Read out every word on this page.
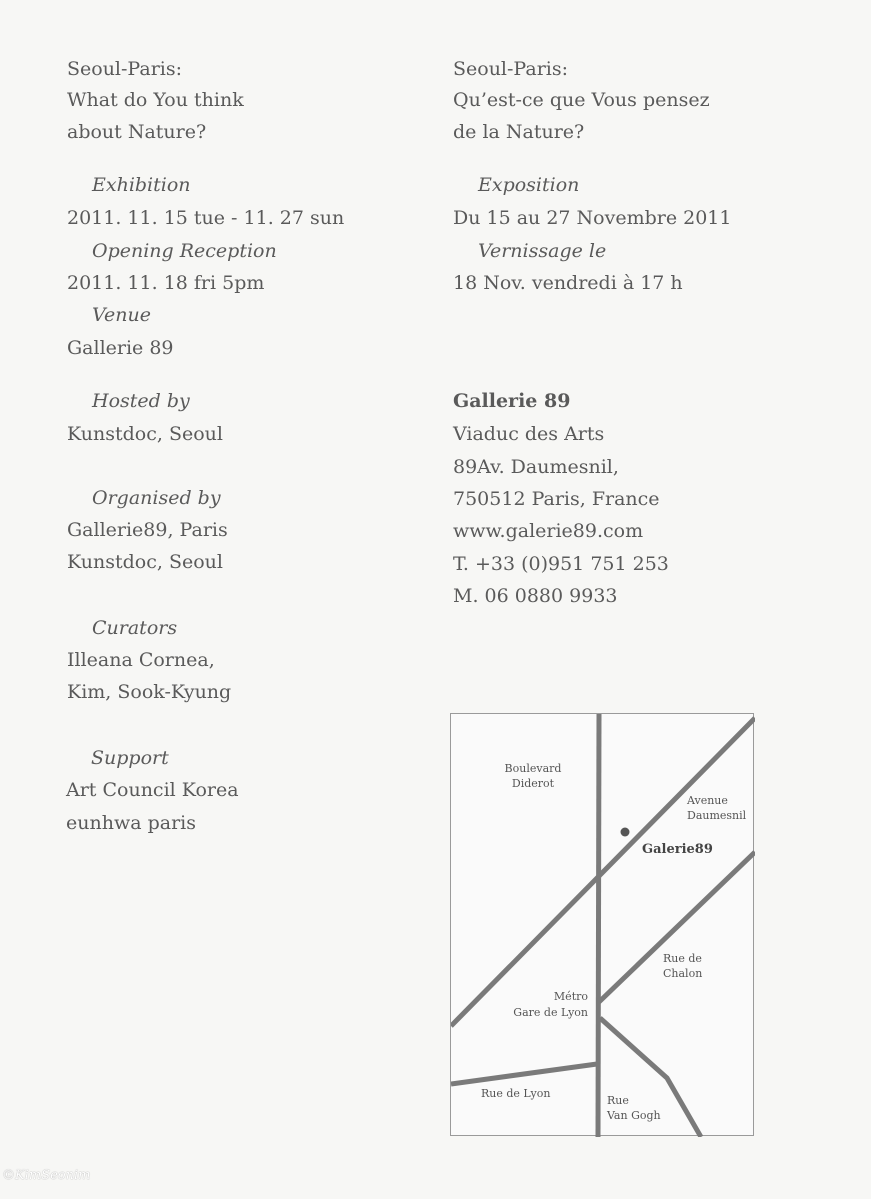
Seoul-Paris:
What do You think
about Nature?
Exhibition
2011. 11. 15 tue - 11. 27 sun
Opening Reception
2011. 11. 18 fri 5pm
Venue
Gallerie 89
Hosted by
Kunstdoc, Seoul
Organised by
Gallerie89, Paris
Kunstdoc, Seoul
Curators
Illeana Cornea,
Kim, Sook-Kyung
Support
Art Council Korea
eunhwa paris
Seoul-Paris:
Qu’est-ce que Vous pensez
de la Nature?
Exposition
Du 15 au 27 Novembre 2011
Vernissage le
18 Nov. vendredi à 17 h
Gallerie 89
Viaduc des Arts
89Av. Daumesnil,
750512 Paris, France
www.galerie89.com
T. +33 (0)951 751 253
M. 06 0880 9933
Boulevard
Diderot
Avenue
Daumesnil
Galerie89
Rue de
Chalon
Métro
Gare de Lyon
Rue de Lyon
Rue
Van Gogh
©KimSeonim
